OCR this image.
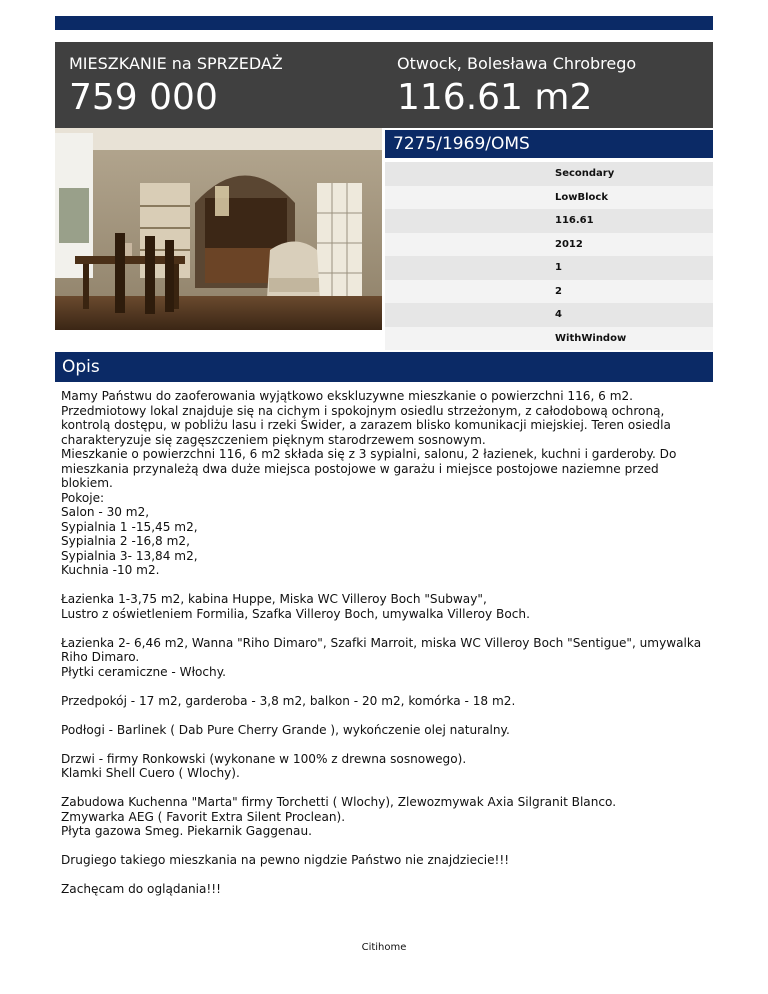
MIESZKANIE na SPRZEDAŻ
759 000
Otwock, Bolesława Chrobrego
116.61 m2
7275/1969/OMS
Secondary
LowBlock
116.61
2012
1
2
4
WithWindow
Opis

Mamy Państwu do zaoferowania wyjątkowo ekskluzywne mieszkanie o powierzchni 116, 6 m2.
Przedmiotowy lokal znajduje się na cichym i spokojnym osiedlu strzeżonym, z całodobową ochroną, kontrolą dostępu, w pobliżu lasu i rzeki Świder, a zarazem blisko komunikacji miejskiej. Teren osiedla charakteryzuje się zagęszczeniem pięknym starodrzewem sosnowym.
Mieszkanie o powierzchni 116, 6 m2 składa się z 3 sypialni, salonu, 2 łazienek, kuchni i garderoby. Do mieszkania przynależą dwa duże miejsca postojowe w garażu i miejsce postojowe naziemne przed blokiem.
Pokoje:
Salon - 30 m2,
Sypialnia 1 -15,45 m2,
Sypialnia 2 -16,8 m2,
Sypialnia 3- 13,84 m2,
Kuchnia -10 m2.

Łazienka 1-3,75 m2, kabina Huppe, Miska WC Villeroy Boch "Subway",
Lustro z oświetleniem Formilia, Szafka Villeroy Boch, umywalka Villeroy Boch.

Łazienka 2- 6,46 m2, Wanna "Riho Dimaro", Szafki Marroit, miska WC Villeroy Boch "Sentigue", umywalka Riho Dimaro.
Płytki ceramiczne - Włochy.

Przedpokój - 17 m2, garderoba - 3,8 m2, balkon - 20 m2, komórka - 18 m2.

Podłogi - Barlinek ( Dab Pure Cherry Grande ), wykończenie olej naturalny.

Drzwi - firmy Ronkowski (wykonane w 100% z drewna sosnowego).
Klamki Shell Cuero ( Wlochy).

Zabudowa Kuchenna "Marta" firmy Torchetti ( Wlochy), Zlewozmywak Axia Silgranit Blanco.
Zmywarka AEG ( Favorit Extra Silent Proclean).
Płyta gazowa Smeg. Piekarnik Gaggenau.

Drugiego takiego mieszkania na pewno nigdzie Państwo nie znajdziecie!!!

Zachęcam do oglądania!!!

Citihome
